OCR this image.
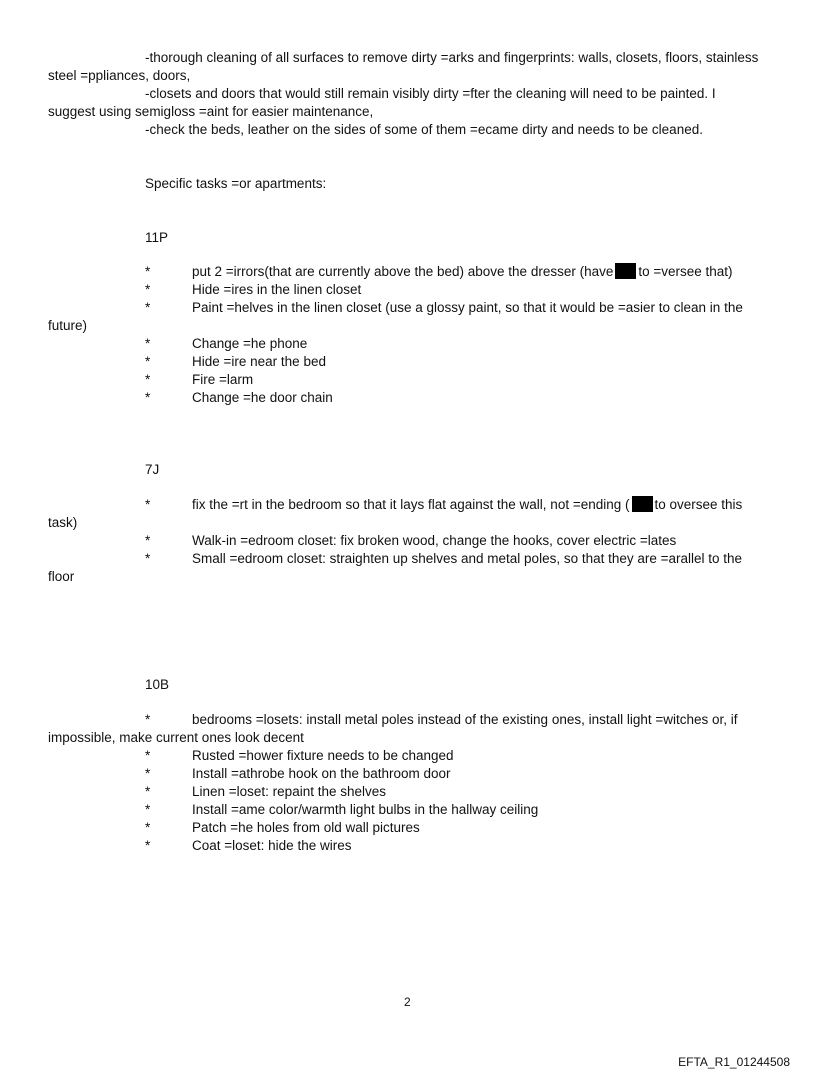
-thorough cleaning of all surfaces to remove dirty =arks and fingerprints: walls, closets, floors, stainless
steel =ppliances, doors,
-closets and doors that would still remain visibly dirty =fter the cleaning will need to be painted. I
suggest using semigloss =aint for easier maintenance,
-check the beds, leather on the sides of some of them =ecame dirty and needs to be cleaned.
Specific tasks =or apartments:
11P
*	put 2 =irrors(that are currently above the bed) above the dresser (have to =versee that)
*	Hide =ires in the linen closet
*	Paint =helves in the linen closet (use a glossy paint, so that it would be =asier to clean in the
future)
*	Change =he phone
*	Hide =ire near the bed
*	Fire =larm
*	Change =he door chain
7J
*	fix the =rt in the bedroom so that it lays flat against the wall, not =ending ( to oversee this
task)
*	Walk-in =edroom closet: fix broken wood, change the hooks, cover electric =lates
*	Small =edroom closet: straighten up shelves and metal poles, so that they are =arallel to the
floor
10B
*	bedrooms =losets: install metal poles instead of the existing ones, install light =witches or, if
impossible, make current ones look decent
*	Rusted =hower fixture needs to be changed
*	Install =athrobe hook on the bathroom door
*	Linen =loset: repaint the shelves
*	Install =ame color/warmth light bulbs in the hallway ceiling
*	Patch =he holes from old wall pictures
*	Coat =loset: hide the wires
2
EFTA_R1_01244508
